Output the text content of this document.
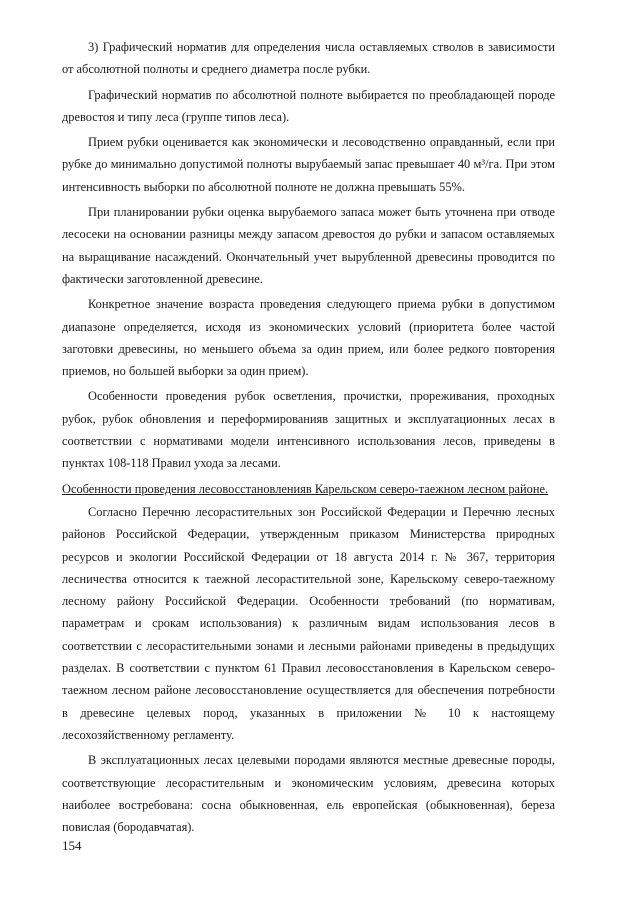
3) Графический норматив для определения числа оставляемых стволов в зависимости от абсолютной полноты и среднего диаметра после рубки.

Графический норматив по абсолютной полноте выбирается по преобладающей породе древостоя и типу леса (группе типов леса).

Прием рубки оценивается как экономически и лесоводственно оправданный, если при рубке до минимально допустимой полноты вырубаемый запас превышает 40 м³/га. При этом интенсивность выборки по абсолютной полноте не должна превышать 55%.

При планировании рубки оценка вырубаемого запаса может быть уточнена при отводе лесосеки на основании разницы между запасом древостоя до рубки и запасом оставляемых на выращивание насаждений. Окончательный учет вырубленной древесины проводится по фактически заготовленной древесине.

Конкретное значение возраста проведения следующего приема рубки в допустимом диапазоне определяется, исходя из экономических условий (приоритета более частой заготовки древесины, но меньшего объема за один прием, или более редкого повторения приемов, но большей выборки за один прием).

Особенности проведения рубок осветления, прочистки, прореживания, проходных рубок, рубок обновления и переформированияв защитных и эксплуатационных лесах в соответствии с нормативами модели интенсивного использования лесов, приведены в пунктах 108-118 Правил ухода за лесами.

Особенности проведения лесовосстановленияв Карельском северо-таежном лесном районе.

Согласно Перечню лесорастительных зон Российской Федерации и Перечню лесных районов Российской Федерации, утвержденным приказом Министерства природных ресурсов и экологии Российской Федерации от 18 августа 2014 г. № 367, территория лесничества относится к таежной лесорастительной зоне, Карельскому северо-таежному лесному району Российской Федерации. Особенности требований (по нормативам, параметрам и срокам использования) к различным видам использования лесов в соответствии с лесорастительными зонами и лесными районами приведены в предыдущих разделах. В соответствии с пунктом 61 Правил лесовосстановления в Карельском северо-таежном лесном районе лесовосстановление осуществляется для обеспечения потребности в древесине целевых пород, указанных в приложении № 10 к настоящему лесохозяйственному регламенту.

В эксплуатационных лесах целевыми породами являются местные древесные породы, соответствующие лесорастительным и экономическим условиям, древесина которых наиболее востребована: сосна обыкновенная, ель европейская (обыкновенная), береза повислая (бородавчатая).

154
